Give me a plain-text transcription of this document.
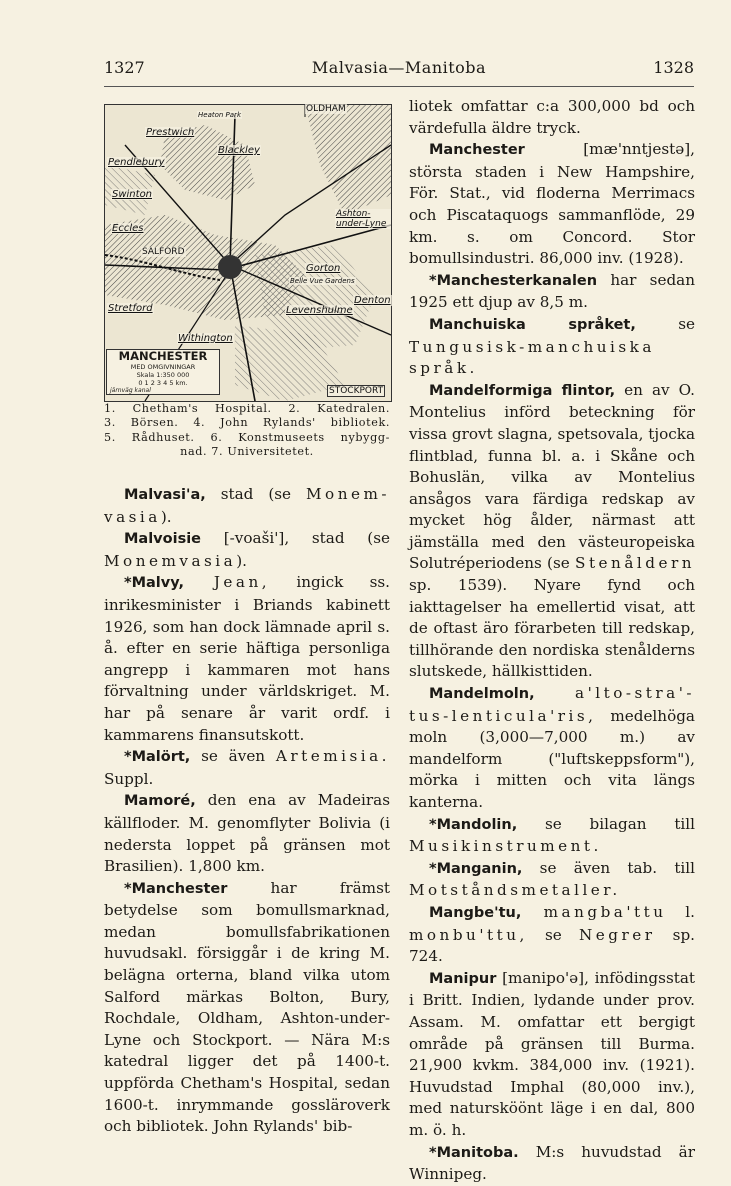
1327	Malvasia—Manitoba	1328
OLDHAM
Prestwich
Heaton Park
Blackley
Pendlebury
Swinton
Eccles
SALFORD
Ashton-under-Lyne
Gorton
Belle Vue Gardens
Denton
Levenshulme
Stretford
Withington
STOCKPORT
MANCHESTER
MED OMGIVNINGAR
Skala 1:350 000
0 1 2 3 4 5 km.
järnväg kanal
1. Chetham's Hospital. 2. Katedralen.
3. Börsen. 4. John Rylands' bibliotek.
5. Rådhuset. 6. Konstmuseets nybygg-
nad. 7. Universitetet.

Malvasi'a, stad (se Monem-vasia).

Malvoisie [-voaši'], stad (se Monemvasia).

*Malvy, Jean, ingick ss. inrikesminister i Briands kabinett 1926, som han dock lämnade april s. å. efter en serie häftiga personliga angrepp i kammaren mot hans förvaltning under världskriget. M. har på senare år varit ordf. i kammarens finansutskott.

*Malört, se även Artemisia. Suppl.

Mamoré, den ena av Madeiras källfloder. M. genomflyter Bolivia (i nedersta loppet på gränsen mot Brasilien). 1,800 km.

*Manchester har främst betydelse som bomullsmarknad, medan bomullsfabrikationen huvudsakl. försiggår i de kring M. belägna orterna, bland vilka utom Salford märkas Bolton, Bury, Rochdale, Oldham, Ashton-under-Lyne och Stockport. — Nära M:s katedral ligger det på 1400-t. uppförda Chetham's Hospital, sedan 1600-t. inrymmande gossläroverk och bibliotek. John Rylands' bib-

liotek omfattar c:a 300,000 bd och värdefulla äldre tryck.

Manchester [mæ'nntjestə], största staden i New Hampshire, För. Stat., vid floderna Merrimacs och Piscataquogs sammanflöde, 29 km. s. om Concord. Stor bomullsindustri. 86,000 inv. (1928).

*Manchesterkanalen har sedan 1925 ett djup av 8,5 m.

Manchuiska språket, se Tungusisk-manchuiska språk.

Mandelformiga flintor, en av O. Montelius införd beteckning för vissa grovt slagna, spetsovala, tjocka flintblad, funna bl. a. i Skåne och Bohuslän, vilka av Montelius ansågos vara färdiga redskap av mycket hög ålder, närmast att jämställa med den västeuropeiska Solutréperiodens (se Stenåldern sp. 1539). Nyare fynd och iakttagelser ha emellertid visat, att de oftast äro förarbeten till redskap, tillhörande den nordiska stenålderns slutskede, hällkisttiden.

Mandelmoln, a'lto-stra'-tus-lenticula'ris, medelhöga moln (3,000—7,000 m.) av mandelform ("luftskeppsform"), mörka i mitten och vita längs kanterna.

*Mandolin, se bilagan till Musikinstrument.

*Manganin, se även tab. till Motståndsmetaller.

Mangbe'tu, mangba'ttu l. monbu'ttu, se Negrer sp. 724.

Manipur [manipo'ə], infödingsstat i Britt. Indien, lydande under prov. Assam. M. omfattar ett bergigt område på gränsen till Burma. 21,900 kvkm. 384,000 inv. (1921). Huvudstad Imphal (80,000 inv.), med natursköönt läge i en dal, 800 m. ö. h.

*Manitoba. M:s huvudstad är Winnipeg.
